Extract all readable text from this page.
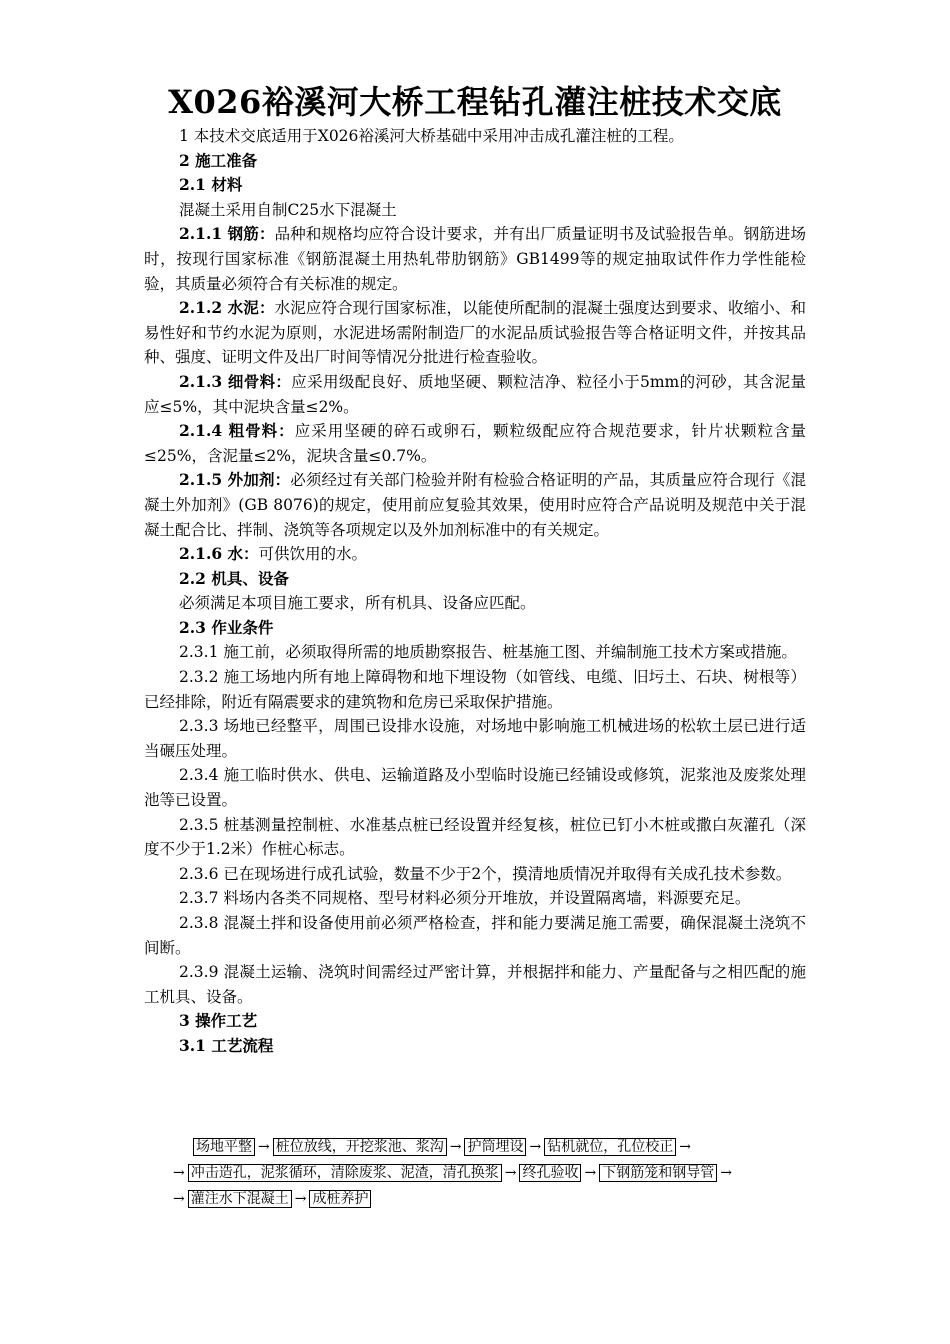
X026裕溪河大桥工程钻孔灌注桩技术交底

1 本技术交底适用于X026裕溪河大桥基础中采用冲击成孔灌注桩的工程。

2 施工准备

2.1 材料

混凝土采用自制C25水下混凝土

2.1.1 钢筋：品种和规格均应符合设计要求，并有出厂质量证明书及试验报告单。钢筋进场时，按现行国家标准《钢筋混凝土用热轧带肋钢筋》GB1499等的规定抽取试件作力学性能检验，其质量必须符合有关标准的规定。

2.1.2 水泥：水泥应符合现行国家标准，以能使所配制的混凝土强度达到要求、收缩小、和易性好和节约水泥为原则，水泥进场需附制造厂的水泥品质试验报告等合格证明文件，并按其品种、强度、证明文件及出厂时间等情况分批进行检查验收。

2.1.3 细骨料：应采用级配良好、质地坚硬、颗粒洁净、粒径小于5mm的河砂，其含泥量应≤5%，其中泥块含量≤2%。

2.1.4 粗骨料：应采用坚硬的碎石或卵石，颗粒级配应符合规范要求，针片状颗粒含量≤25%，含泥量≤2%，泥块含量≤0.7%。

2.1.5 外加剂：必须经过有关部门检验并附有检验合格证明的产品，其质量应符合现行《混凝土外加剂》(GB 8076)的规定，使用前应复验其效果，使用时应符合产品说明及规范中关于混凝土配合比、拌制、浇筑等各项规定以及外加剂标准中的有关规定。

2.1.6 水：可供饮用的水。

2.2 机具、设备

必须满足本项目施工要求，所有机具、设备应匹配。

2.3 作业条件

2.3.1 施工前，必须取得所需的地质勘察报告、桩基施工图、并编制施工技术方案或措施。

2.3.2 施工场地内所有地上障碍物和地下埋设物（如管线、电缆、旧圬土、石块、树根等）已经排除，附近有隔震要求的建筑物和危房已采取保护措施。

2.3.3 场地已经整平，周围已设排水设施，对场地中影响施工机械进场的松软土层已进行适当碾压处理。

2.3.4 施工临时供水、供电、运输道路及小型临时设施已经铺设或修筑，泥浆池及废浆处理池等已设置。

2.3.5 桩基测量控制桩、水准基点桩已经设置并经复核，桩位已钉小木桩或撒白灰灌孔（深度不少于1.2米）作桩心标志。

2.3.6 已在现场进行成孔试验，数量不少于2个，摸清地质情况并取得有关成孔技术参数。

2.3.7 料场内各类不同规格、型号材料必须分开堆放，并设置隔离墙，料源要充足。

2.3.8 混凝土拌和设备使用前必须严格检查，拌和能力要满足施工需要，确保混凝土浇筑不间断。

2.3.9 混凝土运输、浇筑时间需经过严密计算，并根据拌和能力、产量配备与之相匹配的施工机具、设备。

3 操作工艺

3.1 工艺流程

场地平整 → 桩位放线，开挖浆池、浆沟 → 护筒埋设 → 钻机就位，孔位校正 →
→ 冲击造孔，泥浆循环，清除废浆、泥渣，清孔换浆 → 终孔验收 → 下钢筋笼和钢导管 →
→ 灌注水下混凝土 → 成桩养护
